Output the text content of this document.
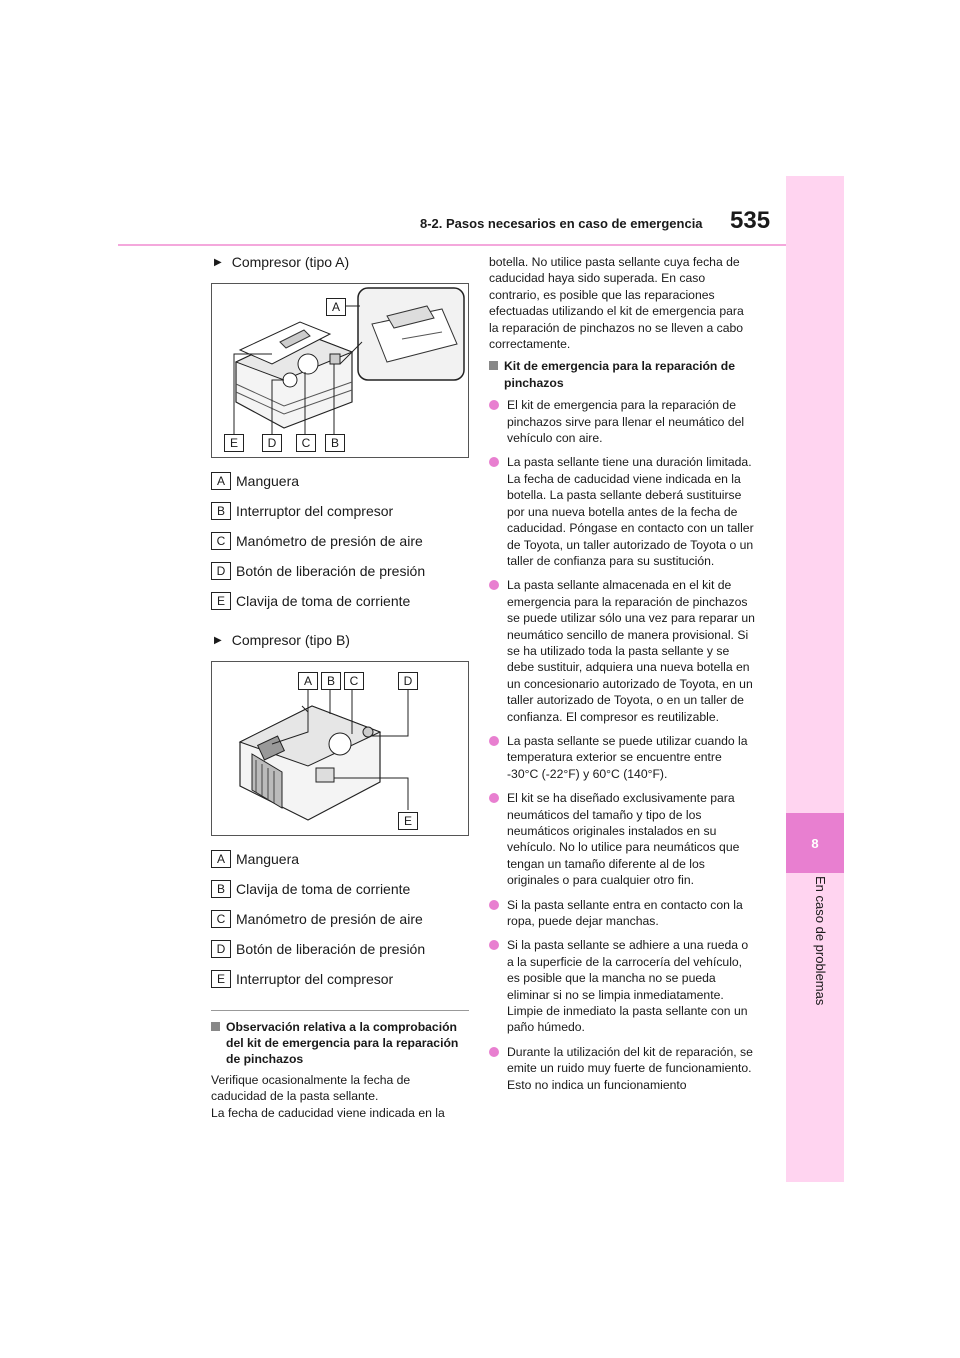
8-2. Pasos necesarios en caso de emergencia 535
8
En caso de problemas
▶ Compresor (tipo A)
A
E	D	C	B
A Manguera
B Interruptor del compresor
C Manómetro de presión de aire
D Botón de liberación de presión
E Clavija de toma de corriente
▶ Compresor (tipo B)
A	B	C	D
E
A Manguera
B Clavija de toma de corriente
C Manómetro de presión de aire
D Botón de liberación de presión
E Interruptor del compresor
Observación relativa a la comprobación del kit de emergencia para la reparación de pinchazos

Verifique ocasionalmente la fecha de caducidad de la pasta sellante.

La fecha de caducidad viene indicada en la

botella. No utilice pasta sellante cuya fecha de caducidad haya sido superada. En caso contrario, es posible que las reparaciones efectuadas utilizando el kit de emergencia para la reparación de pinchazos no se lleven a cabo correctamente.

Kit de emergencia para la reparación de pinchazos
El kit de emergencia para la reparación de pinchazos sirve para llenar el neumático del vehículo con aire.
La pasta sellante tiene una duración limitada. La fecha de caducidad viene indicada en la botella. La pasta sellante deberá sustituirse por una nueva botella antes de la fecha de caducidad. Póngase en contacto con un taller de Toyota, un taller autorizado de Toyota o un taller de confianza para su sustitución.
La pasta sellante almacenada en el kit de emergencia para la reparación de pinchazos se puede utilizar sólo una vez para reparar un neumático sencillo de manera provisional. Si se ha utilizado toda la pasta sellante y se debe sustituir, adquiera una nueva botella en un concesionario autorizado de Toyota, en un taller autorizado de Toyota, o en un taller de confianza. El compresor es reutilizable.
La pasta sellante se puede utilizar cuando la temperatura exterior se encuentre entre -30°C (-22°F) y 60°C (140°F).
El kit se ha diseñado exclusivamente para neumáticos del tamaño y tipo de los neumáticos originales instalados en su vehículo. No lo utilice para neumáticos que tengan un tamaño diferente al de los originales o para cualquier otro fin.
Si la pasta sellante entra en contacto con la ropa, puede dejar manchas.
Si la pasta sellante se adhiere a una rueda o a la superficie de la carrocería del vehículo, es posible que la mancha no se pueda eliminar si no se limpia inmediatamente. Limpie de inmediato la pasta sellante con un paño húmedo.
Durante la utilización del kit de reparación, se emite un ruido muy fuerte de funcionamiento. Esto no indica un funcionamiento
